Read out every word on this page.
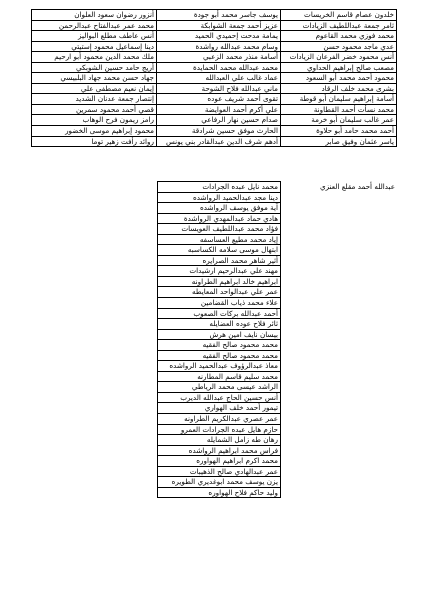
خلدون عصام قاسم الخريسات	يوسف جاسر محمد أبو جودة	أنزور رضوان سعود العلوان
ثامر جمعة عبداللطيف الزيادات	عزيز أحمد جمعة الشوابكة	محمد عمر عبدالفتاح عبدالرحمن
محمد فوزي محمد القاعوم	يمامة مدحت إحميدي الحميد	أنس عاطف مطلع البواليز
عدي ماجد محمود حسن	وسام محمد عبدالله رواشدة	دينا إسماعيل محمود إستيتي
أنس محمود خضر الفرعان الزيادات	أسامة منذر محمد الزعبي	ملك محمد الدين محمود أبو ارحيم
مصعب صالح إبراهيم الحداوي	محمد عبدالله محمد الحمايدة	أريج حامد حسين الشوبكي
محمود أحمد محمد أبو السعود	عماد غالب علي العبدالله	جهاد حسن محمد جهاد البلبيسي
بشرى محمد خلف الرقاد	ماني عبدالله فلاح الشوحة	إيمان نعيم مصطفى علي
أسامة إبراهيم سليمان أبو قوطة	تقوى أحمد شريف عوده	إنتصار جمعة عدنان الشديد
محمد نسأت أحمد القطاونة	علي أكرم أحمد العوايضة	قصي أحمد محمود سمرين
عمر غالب سليمان أبو خرمة	صدام حسين نهار الرفاعي	رامز ريمون فرح الوهاب
أحمد محمد حامد أبو حلاوة	الحارث موفق حسين شرادقة	محمود إبراهيم موسى الخضور
ياسر عثمان وفيق صابر	أدهم شرف الدين عبدالقادر بني يونس	روائد رأفت زهير توما
عبدالله أحمد مقلع العنزي
محمد نايل عبده الجرادات
دينا مجد عبدالحميد الرواشده
آية موفق يوسف الرواشده
هادي حماد عبدالمهدي الرواشدة
فؤاد محمد عبداللطيف العويسات
إياد محمد مطيع العساسفه
ابتهال موسى سلامه الكساسبه
أثير شاهر محمد الصرايره
مهند علي عبدالرحيم ارشيدات
ابراهيم خالد ابراهيم الطراونه
عمر علي عبدالواحد المعايطه
علاء محمد ذياب القضامين
أحمد عبدالله بركات الصعوب
ثائر فلاح عوده العضايله
بيسان نايف امين هرش
محمد محمود صالح الفقيه
محمد محمود صالح الفقيه
معاذ عبدالرؤوف عبدالحميد الرواشده
محمد سليم قاسم المطارنه
الراشد عيسى محمد الرياطي
أنس حسين الحاج عبدالله الديرب
تيمور أحمد خلف الهواري
عمر عصري عبدالكريم الطراونه
حازم هايل عبده الجرادات العمرو
رهان طه زامل الشمايله
فراس محمد ابراهيم الرواشده
محمد اكرم ابراهيم الهواوره
عمر عبدالهادي صالح الذهيبات
يزن يوسف محمد ابوغديري الطويره
وليد حاكم فلاح الهواوره
